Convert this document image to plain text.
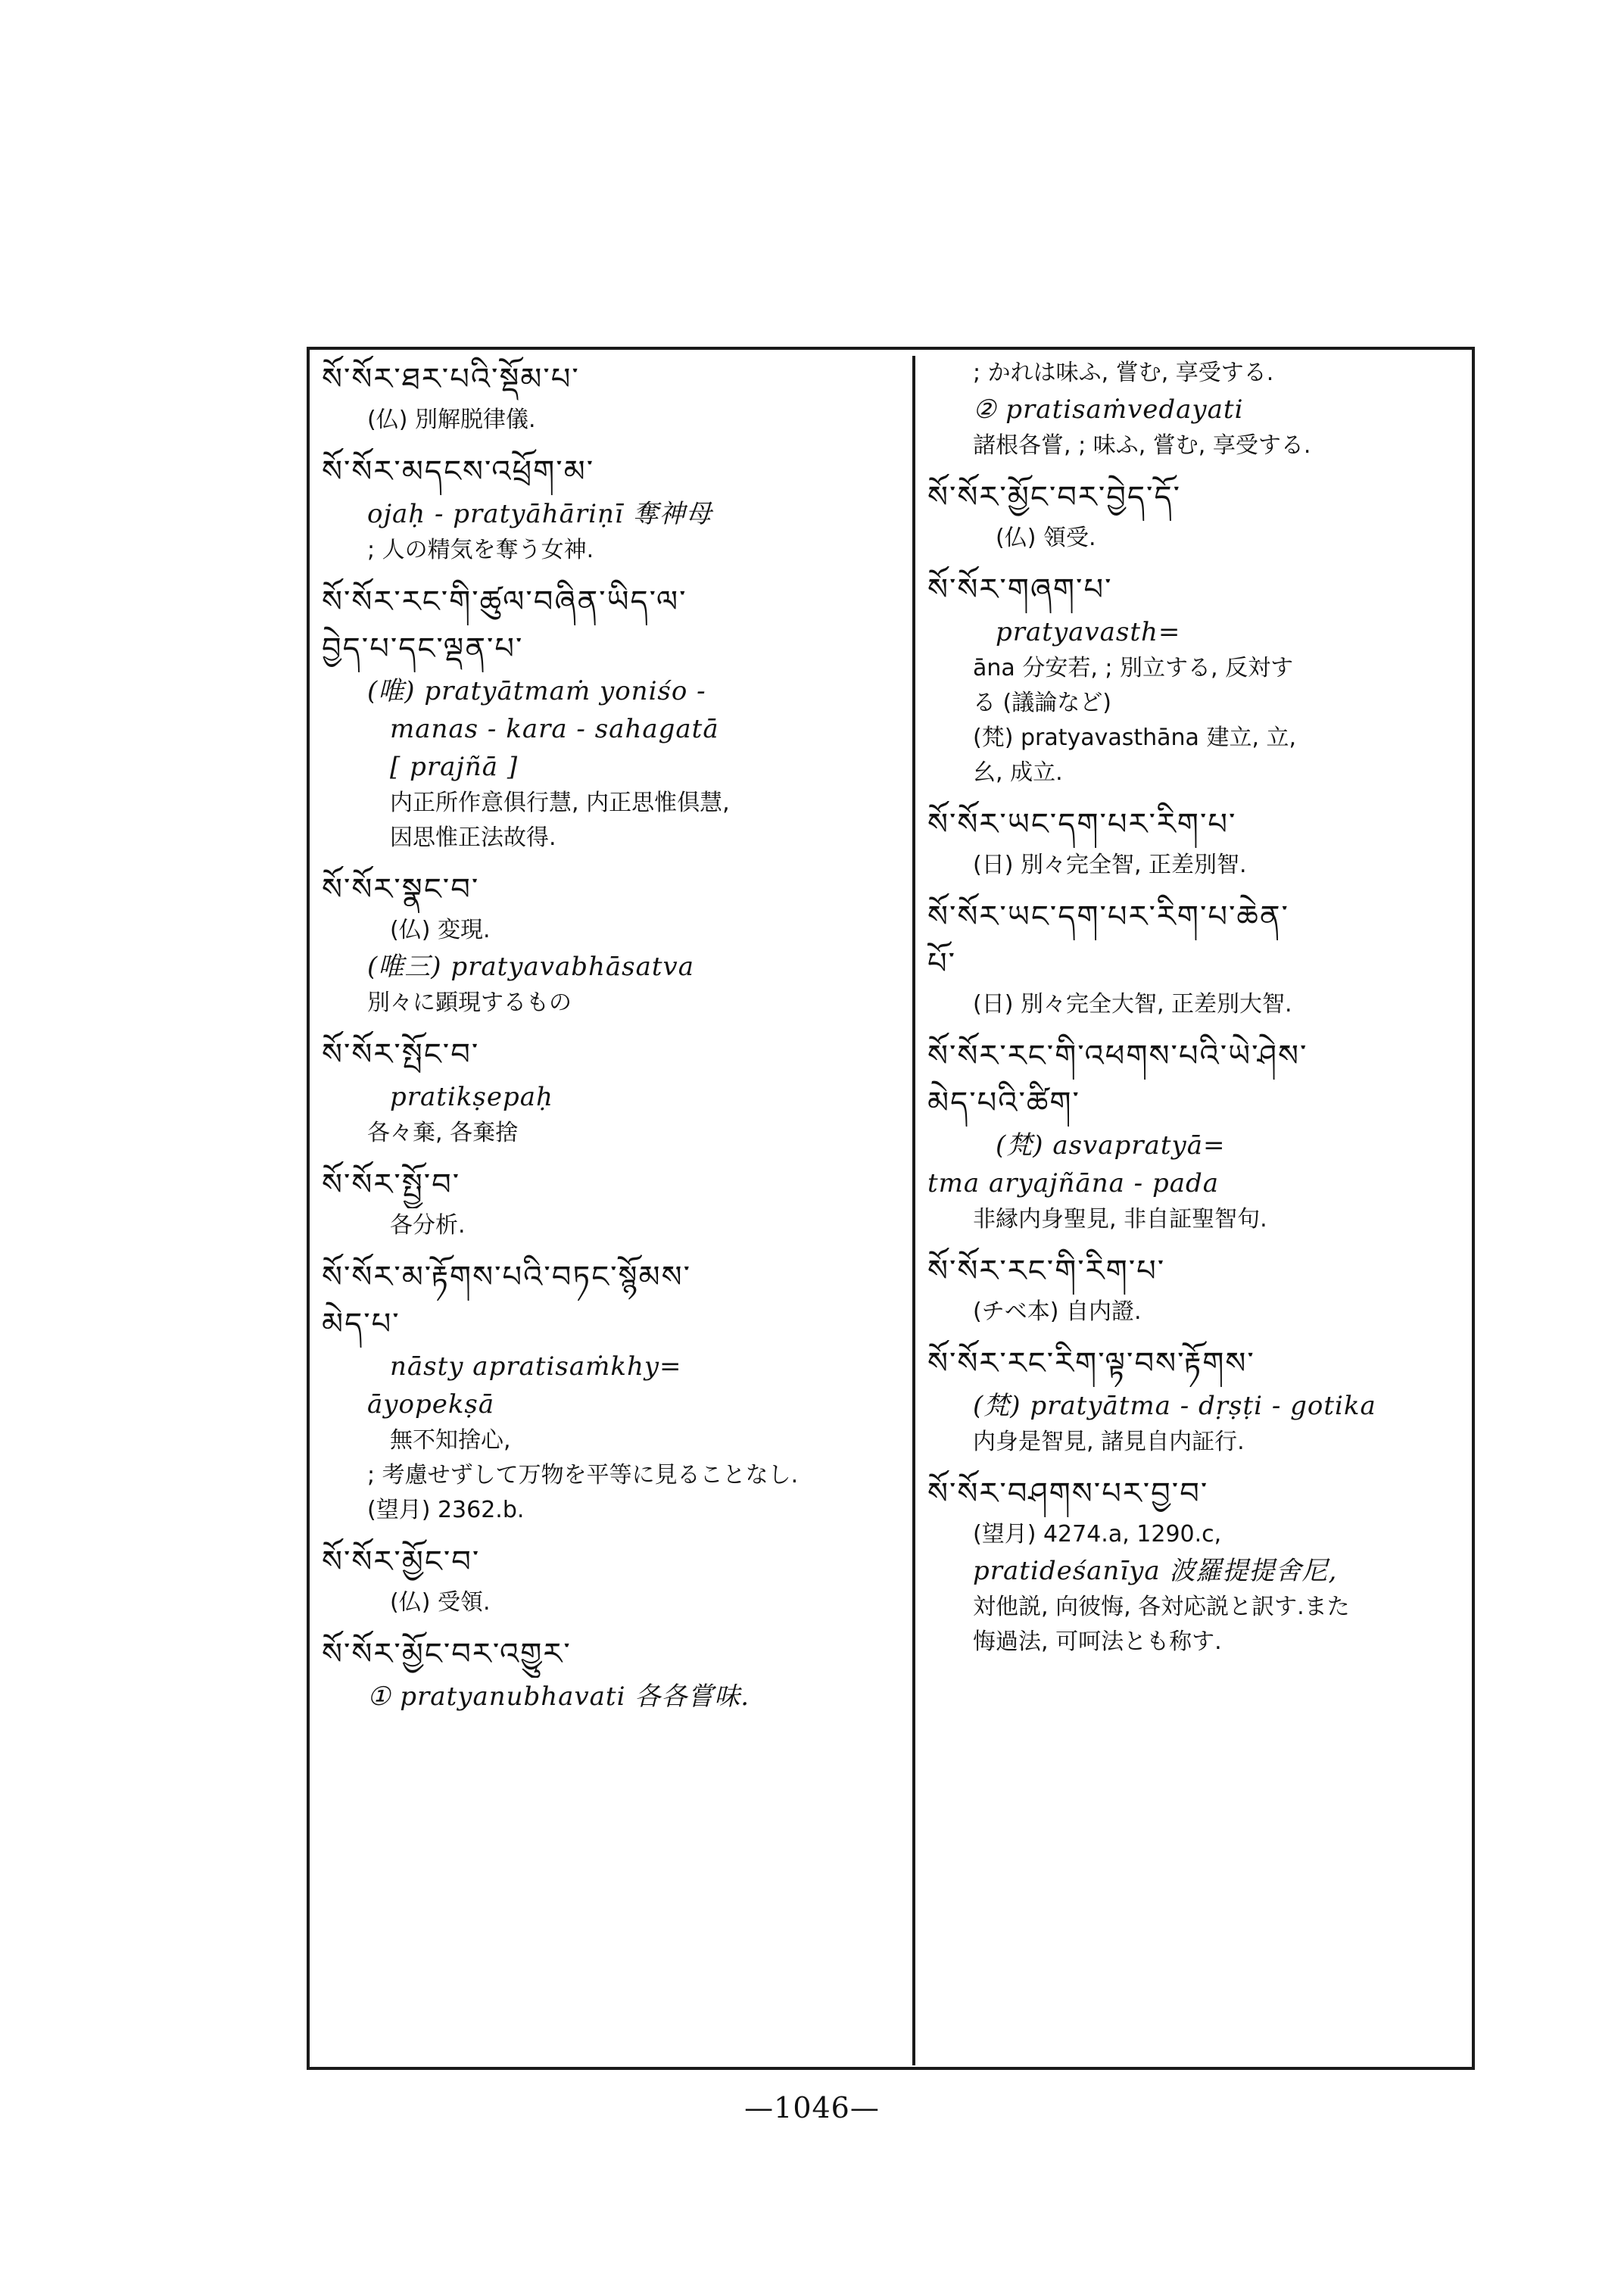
སོ་སོར་ཐར་པའི་སྡོམ་པ་
(仏) 別解脱律儀.
སོ་སོར་མདངས་འཕྲོག་མ་
ojaḥ - pratyāhāriṇī 奪神母
; 人の精気を奪う女神.
སོ་སོར་རང་གི་ཚུལ་བཞིན་ཡིད་ལ་
བྱེད་པ་དང་ལྡན་པ་
(唯) pratyātmaṁ yoniśo -
manas - kara - sahagatā
[ prajñā ]
内正所作意俱行慧, 内正思惟倶慧,
因思惟正法故得.
སོ་སོར་སྣང་བ་
(仏) 変現.
(唯三) pratyavabhāsatva
別々に顕現するもの
སོ་སོར་སྤོང་བ་
pratikṣepaḥ
各々棄, 各棄捨
སོ་སོར་སྤྱོ་བ་
各分析.
སོ་སོར་མ་རྟོགས་པའི་བཏང་སྙོམས་
མེད་པ་
nāsty apratisaṁkhy=
āyopekṣā
無不知捨心,
; 考慮せずして万物を平等に見ることなし.
(望月) 2362.b.
སོ་སོར་མྱོང་བ་
(仏) 受領.
སོ་སོར་མྱོང་བར་འགྱུར་
① pratyanubhavati 各各嘗味.
; かれは味ふ, 嘗む, 享受する.
② pratisaṁvedayati
諸根各嘗, ; 味ふ, 嘗む, 享受する.
སོ་སོར་མྱོང་བར་བྱེད་དོ་
(仏) 領受.
སོ་སོར་གཞག་པ་
pratyavasth=
āna 分安若, ; 別立する, 反対す
る (議論など)
(梵) pratyavasthāna 建立, 立,
幺, 成立.
སོ་སོར་ཡང་དག་པར་རིག་པ་
(日) 別々完全智, 正差別智.
སོ་སོར་ཡང་དག་པར་རིག་པ་ཆེན་
པོ་
(日) 別々完全大智, 正差別大智.
སོ་སོར་རང་གི་འཕགས་པའི་ཡེ་ཤེས་
མེད་པའི་ཚིག་
(梵) asvapratyā=
tma aryajñāna - pada
非縁内身聖見, 非自証聖智句.
སོ་སོར་རང་གི་རིག་པ་
(チベ本) 自内證.
སོ་སོར་རང་རིག་ལྟ་བས་རྟོགས་
(梵) pratyātma - dṛṣṭi - gotika
内身是智見, 諸見自内証行.
སོ་སོར་བཤགས་པར་བྱ་བ་
(望月) 4274.a, 1290.c,
pratideśanīya 波羅提提舍尼,
対他説, 向彼悔, 各対応説と訳す.また
悔過法, 可呵法とも称す.
—1046—
